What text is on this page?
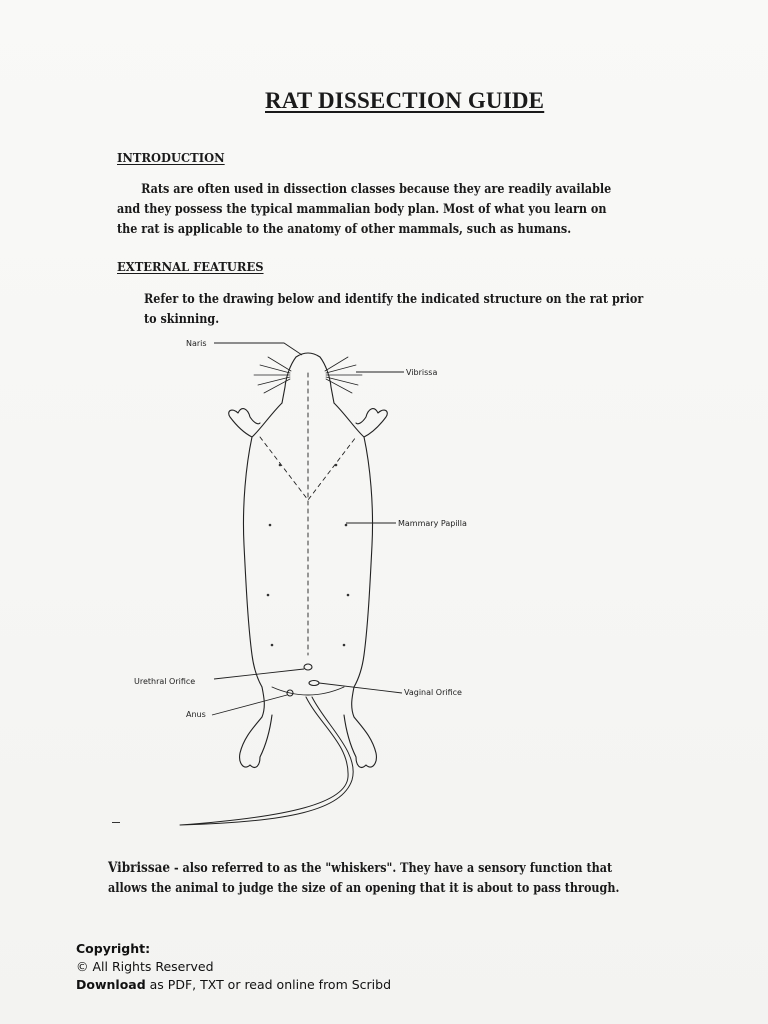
RAT DISSECTION GUIDE
INTRODUCTION
Rats are often used in dissection classes because they are readily available and they possess the typical mammalian body plan. Most of what you learn on the rat is applicable to the anatomy of other mammals, such as humans.
EXTERNAL FEATURES
Refer to the drawing below and identify the indicated structure on the rat prior to skinning.
Naris
Vibrissa
Mammary Papilla
Urethral Orifice
Vaginal Orifice
Anus
Vibrissae - also referred to as the "whiskers". They have a sensory function that allows the animal to judge the size of an opening that it is about to pass through.
Copyright:
© All Rights Reserved
Download as PDF, TXT or read online from Scribd
